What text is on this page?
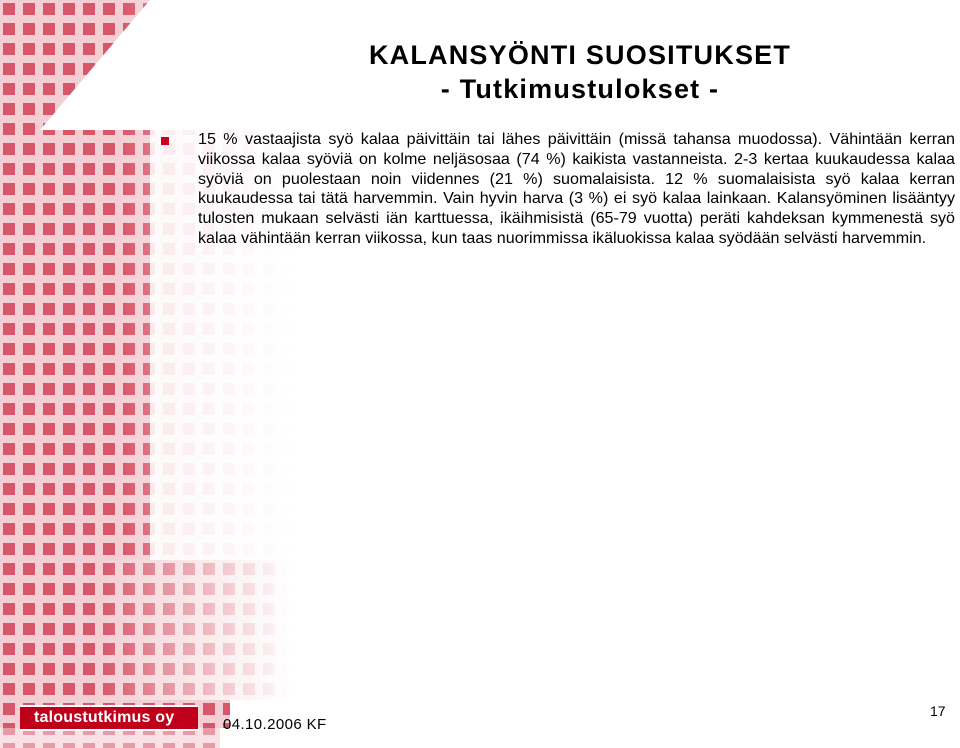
KALANSYÖNTI SUOSITUKSET
- Tutkimustulokset -
15 % vastaajista syö kalaa päivittäin tai lähes päivittäin (missä tahansa muodossa). Vähintään kerran viikossa kalaa syöviä on kolme neljäsosaa (74 %) kaikista vastanneista. 2-3 kertaa kuukaudessa kalaa syöviä on puolestaan noin viidennes (21 %) suomalaisista. 12 % suomalaisista syö kalaa kerran kuukaudessa tai tätä harvemmin. Vain hyvin harva (3 %) ei syö kalaa lainkaan. Kalansyöminen lisääntyy tulosten mukaan selvästi iän karttuessa, ikäihmisistä (65-79 vuotta) peräti kahdeksan kymmenestä syö kalaa vähintään kerran viikossa, kun taas nuorimmissa ikäluokissa kalaa syödään selvästi harvemmin.
taloustutkimus oy	04.10.2006 KF
17
